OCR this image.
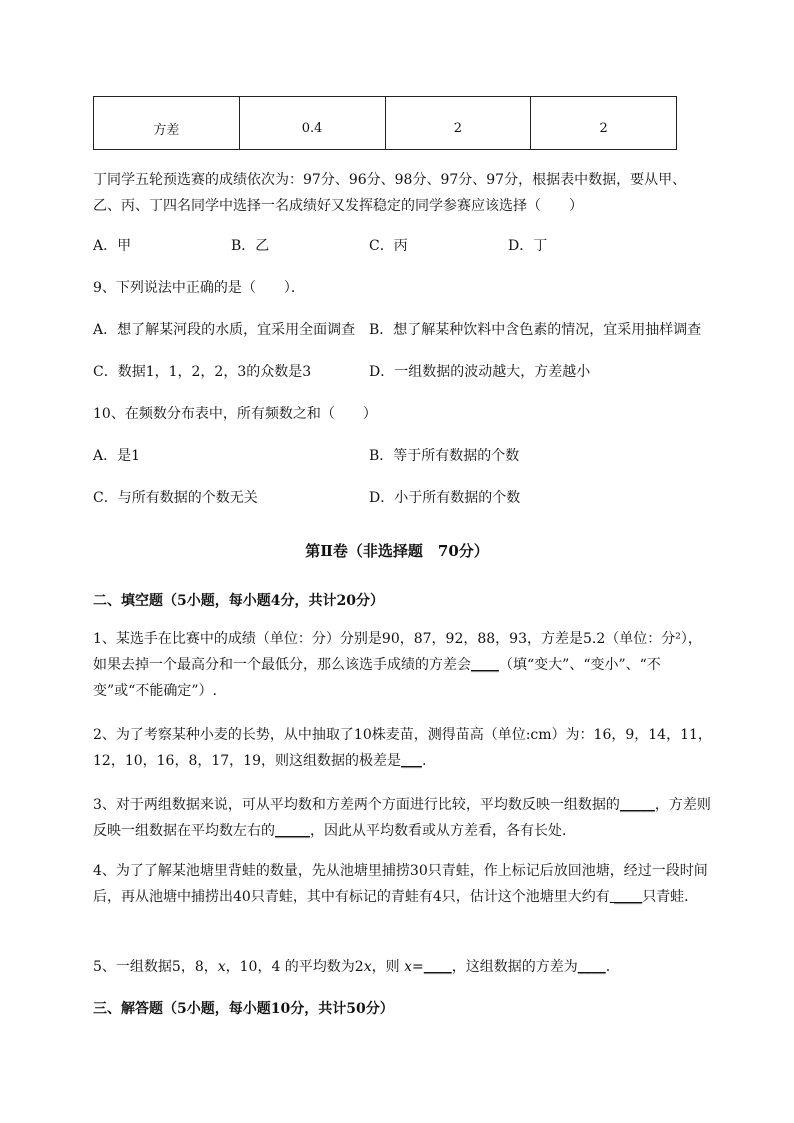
方差	0.4	2	2
丁同学五轮预选赛的成绩依次为：97分、96分、98分、97分、97分，根据表中数据，要从甲、
乙、丙、丁四名同学中选择一名成绩好又发挥稳定的同学参赛应该选择（　　）
A．甲	B．乙	C．丙	D．丁
9、下列说法中正确的是（　　）．
A．想了解某河段的水质，宜采用全面调查 B．想了解某种饮料中含色素的情况，宜采用抽样调查
C．数据1，1，2，2，3的众数是3	D．一组数据的波动越大，方差越小
10、在频数分布表中，所有频数之和（　　）
A．是1	B．等于所有数据的个数
C．与所有数据的个数无关	D．小于所有数据的个数
第Ⅱ卷（非选择题　70分）
二、填空题（5小题，每小题4分，共计20分）
1、某选手在比赛中的成绩（单位：分）分别是90，87，92，88，93，方差是5.2（单位：分²），如果去掉一个最高分和一个最低分，那么该选手成绩的方差会____（填“变大”、“变小”、“不变”或“不能确定”）.
2、为了考察某种小麦的长势，从中抽取了10株麦苗，测得苗高（单位:cm）为：16，9，14，11，12，10，16，8，17，19，则这组数据的极差是___.
3、对于两组数据来说，可从平均数和方差两个方面进行比较，平均数反映一组数据的_____，方差则反映一组数据在平均数左右的_____，因此从平均数看或从方差看，各有长处．
4、为了了解某池塘里背蛙的数量，先从池塘里捕捞30只青蛙，作上标记后放回池塘，经过一段时间后，再从池塘中捕捞出40只青蛙，其中有标记的青蛙有4只，估计这个池塘里大约有 ____只青蛙．
5、一组数据5，8，x，10，4 的平均数为2x，则 x=____，这组数据的方差为____.
三、解答题（5小题，每小题10分，共计50分）
